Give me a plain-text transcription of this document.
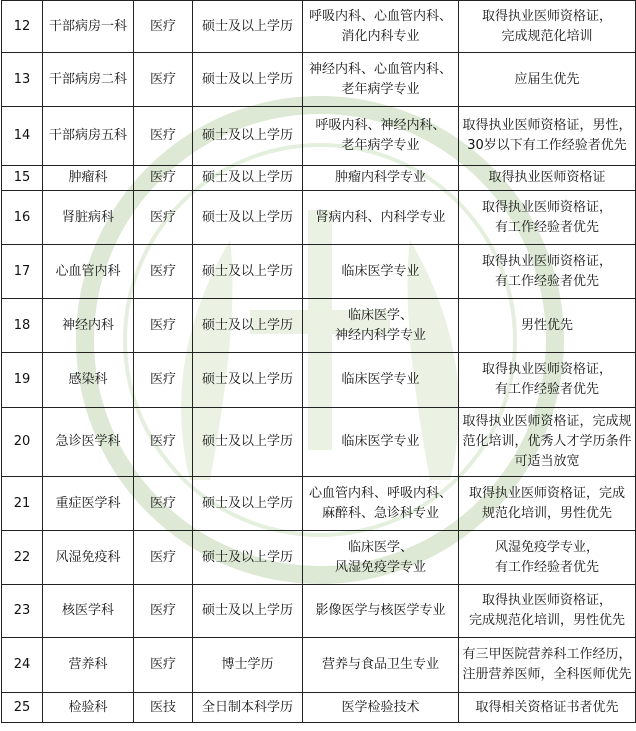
12	干部病房一科	医疗	硕士及以上学历	呼吸内科、心血管内科、
消化内科专业	取得执业医师资格证，
完成规范化培训

13	干部病房二科	医疗	硕士及以上学历	神经内科、心血管内科、
老年病学专业	应届生优先

14	干部病房五科	医疗	硕士及以上学历	呼吸内科、神经内科、
老年病学专业	取得执业医师资格证，男性，
30岁以下有工作经验者优先

15	肿瘤科	医疗	硕士及以上学历	肿瘤内科学专业	取得执业医师资格证

16	肾脏病科	医疗	硕士及以上学历	肾病内科、内科学专业	取得执业医师资格证，
有工作经验者优先

17	心血管内科	医疗	硕士及以上学历	临床医学专业	取得执业医师资格证，
有工作经验者优先

18	神经内科	医疗	硕士及以上学历	临床医学、
神经内科学专业	男性优先

19	感染科	医疗	硕士及以上学历	临床医学专业	取得执业医师资格证，
有工作经验者优先

20	急诊医学科	医疗	硕士及以上学历	临床医学专业	取得执业医师资格证，完成规
范化培训，优秀人才学历条件
可适当放宽

21	重症医学科	医疗	硕士及以上学历	心血管内科、呼吸内科、
麻醉科、急诊科专业	取得执业医师资格证，完成
规范化培训，男性优先

22	风湿免疫科	医疗	硕士及以上学历	临床医学、
风湿免疫学专业	风湿免疫学专业，
有工作经验者优先

23	核医学科	医疗	硕士及以上学历	影像医学与核医学专业	取得执业医师资格证，
完成规范化培训，男性优先

24	营养科	医疗	博士学历	营养与食品卫生专业	有三甲医院营养科工作经历，
注册营养医师，全科医师优先

25	检验科	医技	全日制本科学历	医学检验技术	取得相关资格证书者优先
